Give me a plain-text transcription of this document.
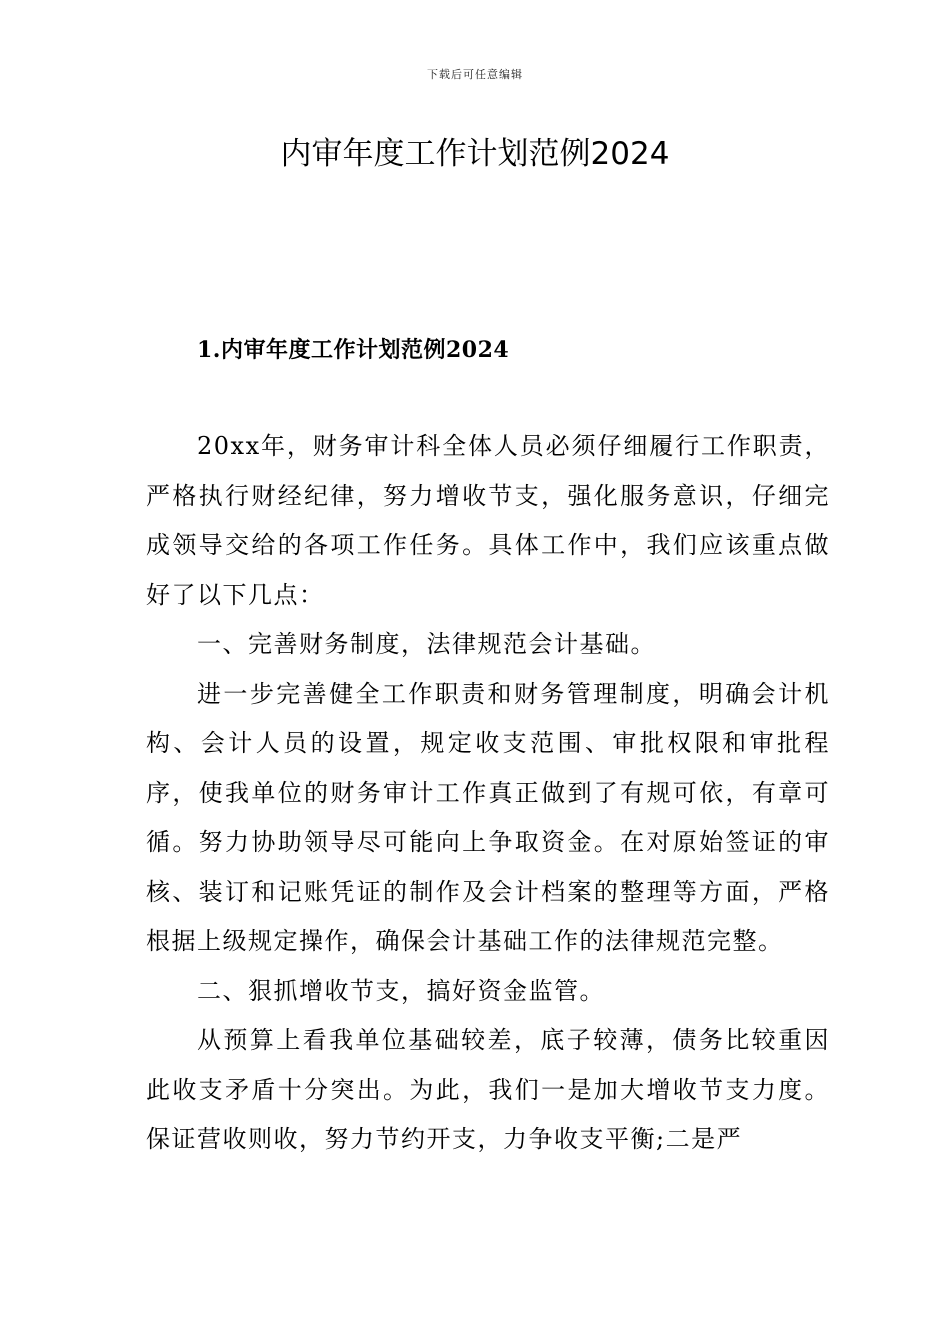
下载后可任意编辑
内审年度工作计划范例2024
1.内审年度工作计划范例2024

20xx年，财务审计科全体人员必须仔细履行工作职责，严格执行财经纪律，努力增收节支，强化服务意识，仔细完成领导交给的各项工作任务。具体工作中，我们应该重点做好了以下几点：

一、完善财务制度，法律规范会计基础。

进一步完善健全工作职责和财务管理制度，明确会计机构、会计人员的设置，规定收支范围、审批权限和审批程序，使我单位的财务审计工作真正做到了有规可依，有章可循。努力协助领导尽可能向上争取资金。在对原始签证的审核、装订和记账凭证的制作及会计档案的整理等方面，严格根据上级规定操作，确保会计基础工作的法律规范完整。

二、狠抓增收节支，搞好资金监管。

从预算上看我单位基础较差，底子较薄，债务比较重因此收支矛盾十分突出。为此，我们一是加大增收节支力度。保证营收则收，努力节约开支，力争收支平衡;二是严
